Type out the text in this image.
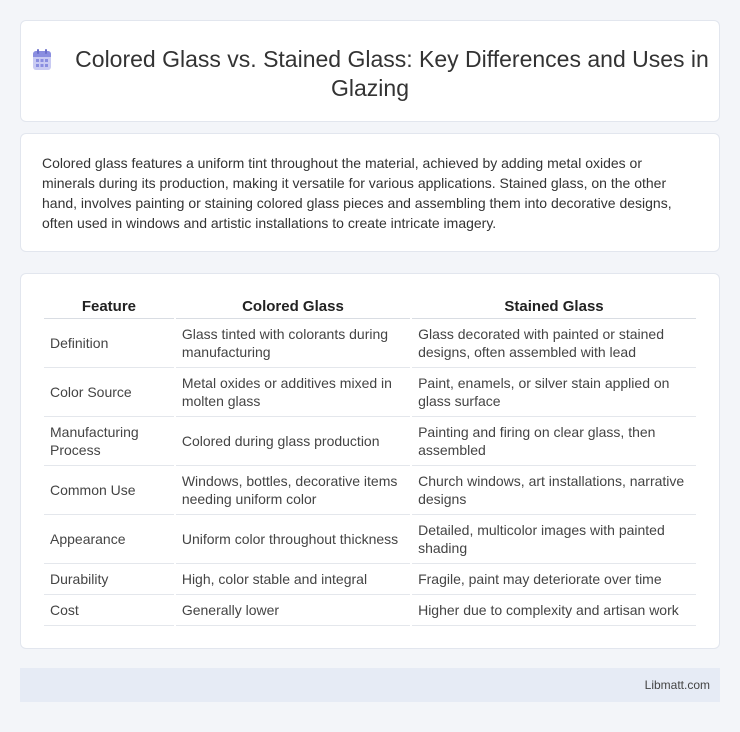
Colored Glass vs. Stained Glass: Key Differences and Uses in Glazing

Colored glass features a uniform tint throughout the material, achieved by adding metal oxides or minerals during its production, making it versatile for various applications. Stained glass, on the other hand, involves painting or staining colored glass pieces and assembling them into decorative designs, often used in windows and artistic installations to create intricate imagery.

Feature	Colored Glass	Stained Glass
Definition	Glass tinted with colorants during manufacturing	Glass decorated with painted or stained designs, often assembled with lead
Color Source	Metal oxides or additives mixed in molten glass	Paint, enamels, or silver stain applied on glass surface
Manufacturing Process	Colored during glass production	Painting and firing on clear glass, then assembled
Common Use	Windows, bottles, decorative items needing uniform color	Church windows, art installations, narrative designs
Appearance	Uniform color throughout thickness	Detailed, multicolor images with painted shading
Durability	High, color stable and integral	Fragile, paint may deteriorate over time
Cost	Generally lower	Higher due to complexity and artisan work
Libmatt.com
